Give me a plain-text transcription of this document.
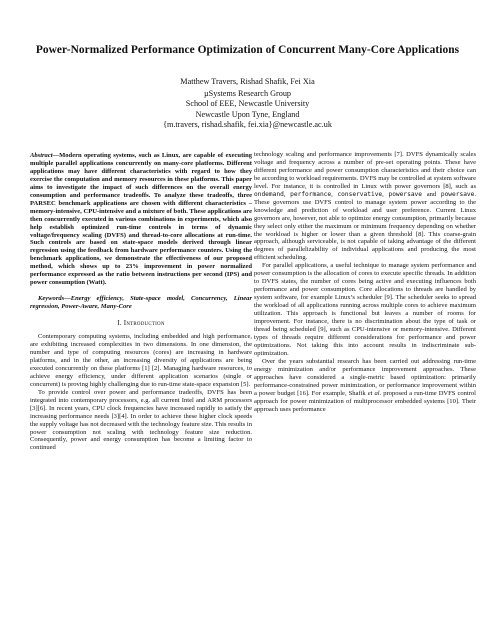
Power-Normalized Performance Optimization of Concurrent Many-Core Applications
Matthew Travers, Rishad Shafik, Fei Xia
µSystems Research Group
School of EEE, Newcastle University
Newcastle Upon Tyne, England
{m.travers, rishad.shafik, fei.xia}@newcastle.ac.uk

Abstract—Modern operating systems, such as Linux, are capable of executing multiple parallel applications concurrently on many-core platforms. Different applications may have different characteristics with regard to how they exercise the computation and memory resources in these platforms. This paper aims to investigate the impact of such differences on the overall energy consumption and performance tradeoffs. To analyze these tradeoffs, three PARSEC benchmark applications are chosen with different characteristics – memory-intensive, CPU-intensive and a mixture of both. These applications are then concurrently executed in various combinations in experiments, which also help establish optimized run-time controls in terms of dynamic voltage/frequency scaling (DVFS) and thread-to-core allocations at run-time. Such controls are based on state-space models derived through linear regression using the feedback from hardware performance counters. Using the benchmark applications, we demonstrate the effectiveness of our proposed method, which shows up to 23% improvement in power normalized performance expressed as the ratio between instructions per second (IPS) and power consumption (Watt).

Keywords—Energy efficiency, State-space model, Concurrency, Linear regression, Power-Aware, Many-Core

I. Introduction

Contemporary computing systems, including embedded and high performance, are exhibiting increased complexities in two dimensions. In one dimension, the number and type of computing resources (cores) are increasing in hardware platforms, and in the other, an increasing diversity of applications are being executed concurrently on these platforms [1] [2]. Managing hardware resources, to achieve energy efficiency, under different application scenarios (single or concurrent) is proving highly challenging due to run-time state-space expansion [5].

To provide control over power and performance tradeoffs, DVFS has been integrated into contemporary processors, e.g. all current Intel and ARM processors [3][6]. In recent years, CPU clock frequencies have increased rapidly to satisfy the increasing performance needs [3][4]. In order to achieve these higher clock speeds the supply voltage has not decreased with the technology feature size. This results in power consumption not scaling with technology feature size reduction. Consequently, power and energy consumption has become a limiting factor to continued

technology scaling and performance improvements [7]. DVFS dynamically scales voltage and frequency across a number of pre-set operating points. These have different performance and power consumption characteristics and their choice can be according to workload requirements. DVFS may be controlled at system software level. For instance, it is controlled in Linux with power governors [8], such as ondemand, performance, conservative, powersave and powersave. These governors use DVFS control to manage system power according to the knowledge and prediction of workload and user preference. Current Linux governors are, however, not able to optimize energy consumption, primarily because they select only either the maximum or minimum frequency depending on whether the workload is higher or lower than a given threshold [8]. This coarse-grain approach, although serviceable, is not capable of taking advantage of the different degrees of parallelizability of individual applications and producing the most efficient scheduling.

For parallel applications, a useful technique to manage system performance and power consumption is the allocation of cores to execute specific threads. In addition to DVFS states, the number of cores being active and executing influences both performance and power consumption. Core allocations to threads are handled by system software, for example Linux’s scheduler [9]. The scheduler seeks to spread the workload of all applications running across multiple cores to achieve maximum utilization. This approach is functional but leaves a number of rooms for improvement. For instance, there is no discrimination about the type of task or thread being scheduled [9], such as CPU-intensive or memory-intensive. Different types of threads require different considerations for performance and power optimizations. Not taking this into account results in indiscriminate sub-optimization.

Over the years substantial research has been carried out addressing run-time energy minimization and/or performance improvement approaches. These approaches have considered a single-metric based optimization: primarily performance-constrained power minimization, or performance improvement within a power budget [16]. For example, Shafik et al. proposed a run-time DVFS control approach for power minimization of multiprocessor embedded systems [10]. Their approach uses performance
